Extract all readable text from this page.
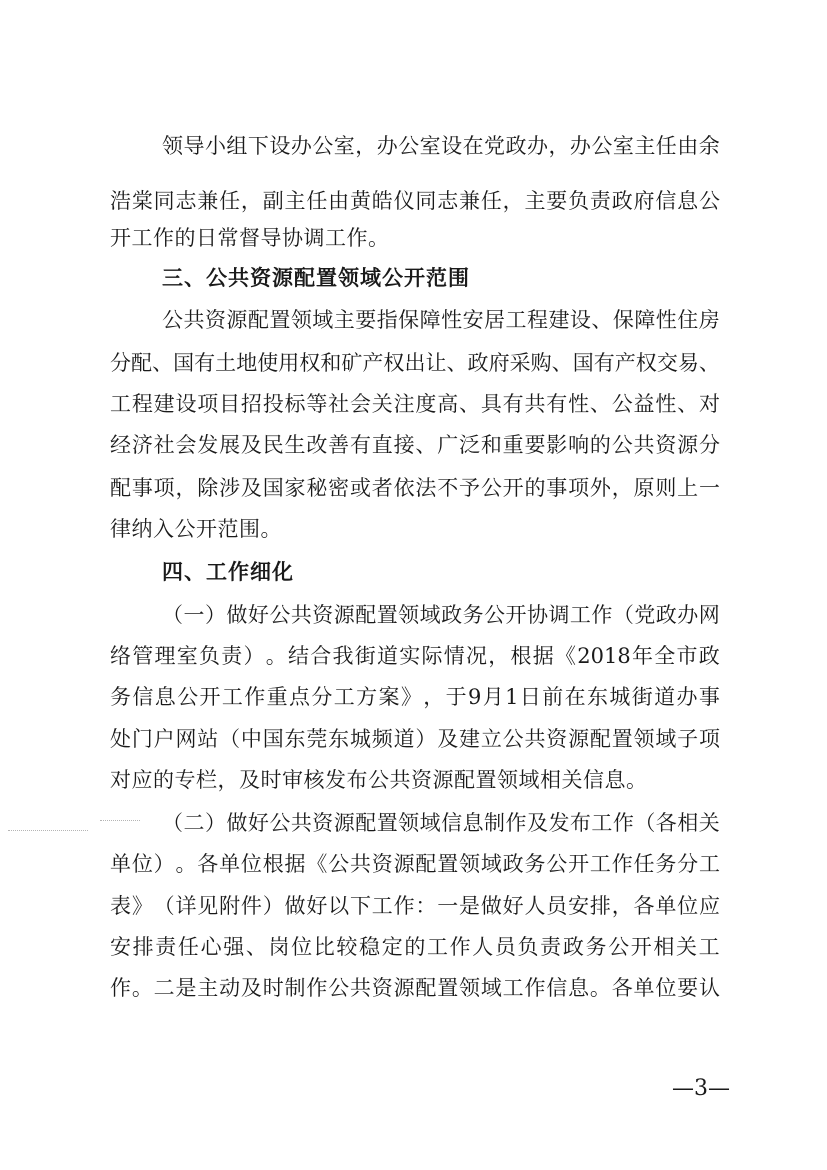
领 导 小 组 下 设 办 公 室 ， 办 公 室 设 在 党 政 办 ， 办 公 室 主 任 由 余
浩 棠 同 志 兼 任 ， 副 主 任 由 黄 皓 仪 同 志 兼 任 ， 主 要 负 责 政 府 信 息 公
开工作的日常督导协调工作。
三、公共资源配置领域公开范围
公 共 资 源 配 置 领 域 主 要 指 保 障 性 安 居 工 程 建 设 、 保 障 性 住 房
分 配 、 国 有 土 地 使 用 权 和 矿 产 权 出 让 、 政 府 采 购 、 国 有 产 权 交 易 、
工 程 建 设 项 目 招 投 标 等 社 会 关 注 度 高 、 具 有 共 有 性 、 公 益 性 、 对
经 济 社 会 发 展 及 民 生 改 善 有 直 接 、 广 泛 和 重 要 影 响 的 公 共 资 源 分
配 事 项 ， 除 涉 及 国 家 秘 密 或 者 依 法 不 予 公 开 的 事 项 外 ， 原 则 上 一
律纳入公开范围。
四、工作细化
（ 一 ） 做 好 公 共 资 源 配 置 领 域 政 务 公 开 协 调 工 作 （ 党 政 办 网
络 管 理 室 负 责 ） 。 结 合 我 街 道 实 际 情 况 ， 根 据 《 2018 年 全 市 政
务 信 息 公 开 工 作 重 点 分 工 方 案 》 ， 于 9 月 1 日 前 在 东 城 街 道 办 事
处 门 户 网 站 （ 中 国 东 莞 东 城 频 道 ） 及 建 立 公 共 资 源 配 置 领 域 子 项
对应的专栏，及时审核发布公共资源配置领域相关信息。
（ 二 ） 做 好 公 共 资 源 配 置 领 域 信 息 制 作 及 发 布 工 作 （ 各 相 关
单 位 ） 。 各 单 位 根 据 《 公 共 资 源 配 置 领 域 政 务 公 开 工 作 任 务 分 工
表 》 （ 详 见 附 件 ） 做 好 以 下 工 作 ： 一 是 做 好 人 员 安 排 ， 各 单 位 应
安 排 责 任 心 强 、 岗 位 比 较 稳 定 的 工 作 人 员 负 责 政 务 公 开 相 关 工
作 。 二 是 主 动 及 时 制 作 公 共 资 源 配 置 领 域 工 作 信 息 。 各 单 位 要 认
—3—
